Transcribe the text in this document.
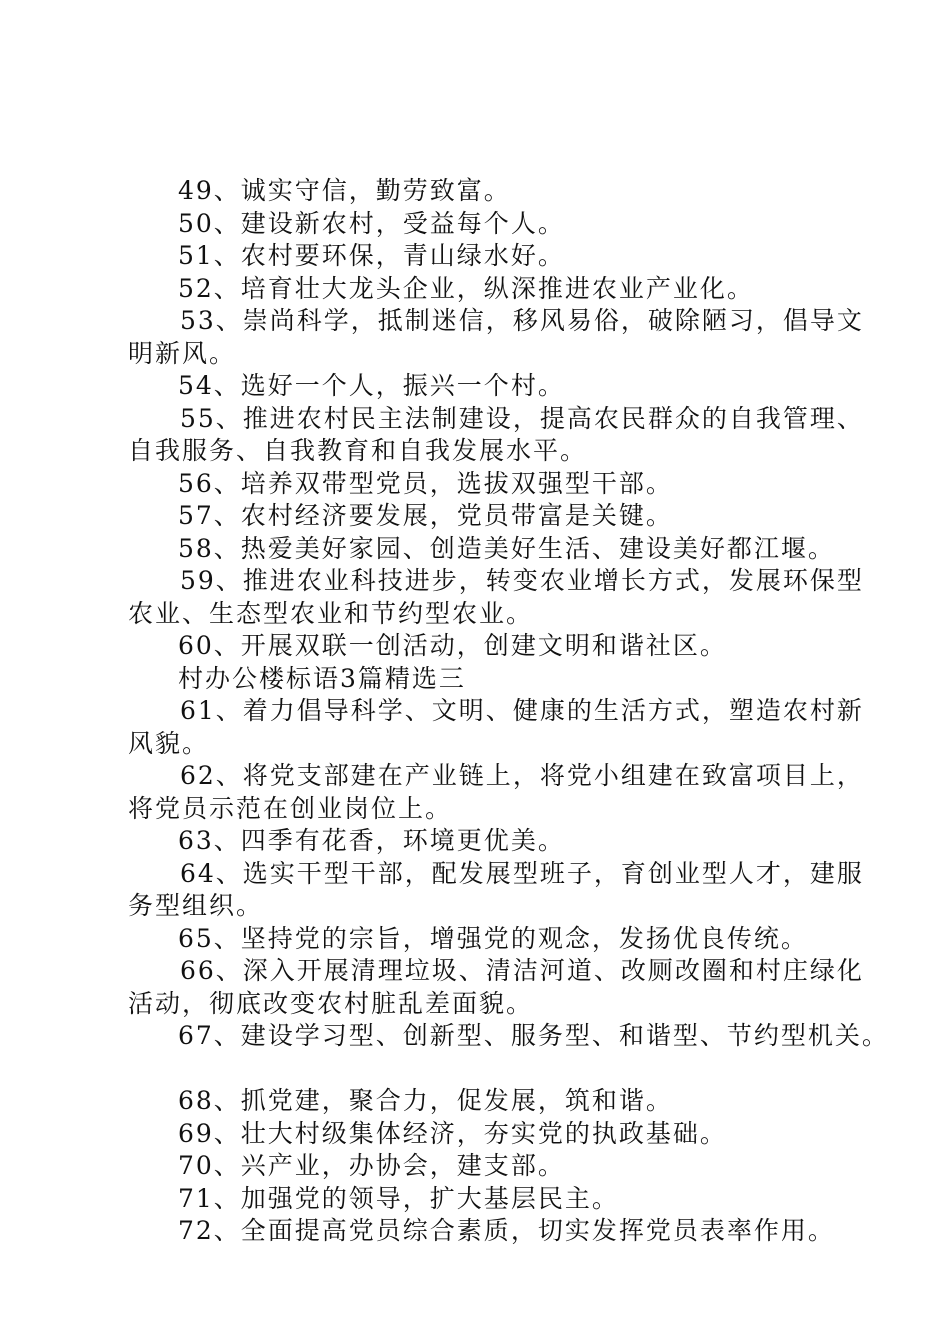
49、诚实守信，勤劳致富。
50、建设新农村，受益每个人。
51、农村要环保，青山绿水好。
52、培育壮大龙头企业，纵深推进农业产业化。
53、崇尚科学，抵制迷信，移风易俗，破除陋习，倡导文
明新风。
54、选好一个人，振兴一个村。
55、推进农村民主法制建设，提高农民群众的自我管理、
自我服务、自我教育和自我发展水平。
56、培养双带型党员，选拔双强型干部。
57、农村经济要发展，党员带富是关键。
58、热爱美好家园、创造美好生活、建设美好都江堰。
59、推进农业科技进步，转变农业增长方式，发展环保型
农业、生态型农业和节约型农业。
60、开展双联一创活动，创建文明和谐社区。
村办公楼标语3篇精选三
61、着力倡导科学、文明、健康的生活方式，塑造农村新
风貌。
62、将党支部建在产业链上，将党小组建在致富项目上，
将党员示范在创业岗位上。
63、四季有花香，环境更优美。
64、选实干型干部，配发展型班子，育创业型人才，建服
务型组织。
65、坚持党的宗旨，增强党的观念，发扬优良传统。
66、深入开展清理垃圾、清洁河道、改厕改圈和村庄绿化
活动，彻底改变农村脏乱差面貌。
67、建设学习型、创新型、服务型、和谐型、节约型机关。
68、抓党建，聚合力，促发展，筑和谐。
69、壮大村级集体经济，夯实党的执政基础。
70、兴产业，办协会，建支部。
71、加强党的领导，扩大基层民主。
72、全面提高党员综合素质，切实发挥党员表率作用。
